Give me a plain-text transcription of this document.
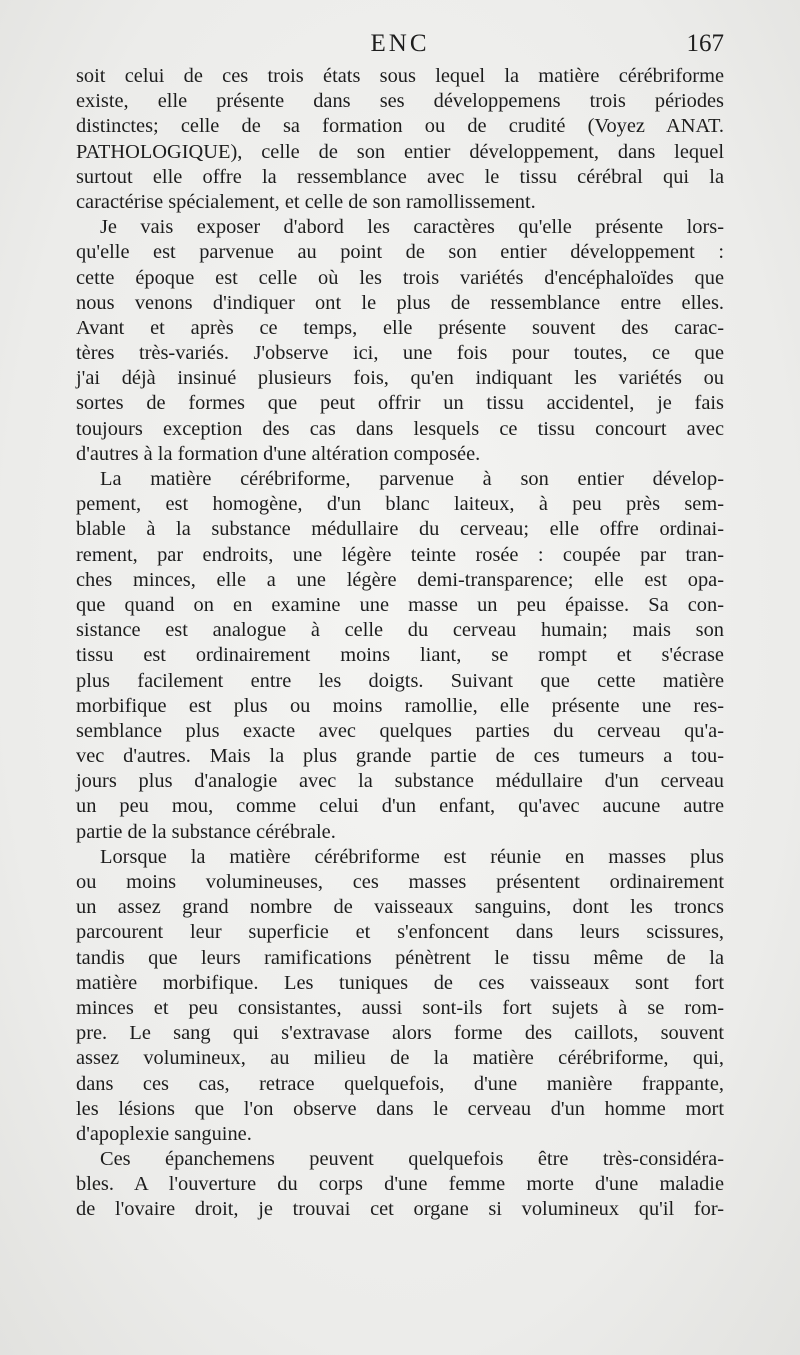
ENC	167
soit celui de ces trois états sous lequel la matière cérébriforme
existe, elle présente dans ses développemens trois périodes
distinctes; celle de sa formation ou de crudité (Voyez ANAT.
PATHOLOGIQUE), celle de son entier développement, dans lequel
surtout elle offre la ressemblance avec le tissu cérébral qui la
caractérise spécialement, et celle de son ramollissement.
Je vais exposer d'abord les caractères qu'elle présente lors-
qu'elle est parvenue au point de son entier développement :
cette époque est celle où les trois variétés d'encéphaloïdes que
nous venons d'indiquer ont le plus de ressemblance entre elles.
Avant et après ce temps, elle présente souvent des carac-
tères très-variés. J'observe ici, une fois pour toutes, ce que
j'ai déjà insinué plusieurs fois, qu'en indiquant les variétés ou
sortes de formes que peut offrir un tissu accidentel, je fais
toujours exception des cas dans lesquels ce tissu concourt avec
d'autres à la formation d'une altération composée.
La matière cérébriforme, parvenue à son entier dévelop-
pement, est homogène, d'un blanc laiteux, à peu près sem-
blable à la substance médullaire du cerveau; elle offre ordinai-
rement, par endroits, une légère teinte rosée : coupée par tran-
ches minces, elle a une légère demi-transparence; elle est opa-
que quand on en examine une masse un peu épaisse. Sa con-
sistance est analogue à celle du cerveau humain; mais son
tissu est ordinairement moins liant, se rompt et s'écrase
plus facilement entre les doigts. Suivant que cette matière
morbifique est plus ou moins ramollie, elle présente une res-
semblance plus exacte avec quelques parties du cerveau qu'a-
vec d'autres. Mais la plus grande partie de ces tumeurs a tou-
jours plus d'analogie avec la substance médullaire d'un cerveau
un peu mou, comme celui d'un enfant, qu'avec aucune autre
partie de la substance cérébrale.
Lorsque la matière cérébriforme est réunie en masses plus
ou moins volumineuses, ces masses présentent ordinairement
un assez grand nombre de vaisseaux sanguins, dont les troncs
parcourent leur superficie et s'enfoncent dans leurs scissures,
tandis que leurs ramifications pénètrent le tissu même de la
matière morbifique. Les tuniques de ces vaisseaux sont fort
minces et peu consistantes, aussi sont-ils fort sujets à se rom-
pre. Le sang qui s'extravase alors forme des caillots, souvent
assez volumineux, au milieu de la matière cérébriforme, qui,
dans ces cas, retrace quelquefois, d'une manière frappante,
les lésions que l'on observe dans le cerveau d'un homme mort
d'apoplexie sanguine.
Ces épanchemens peuvent quelquefois être très-considéra-
bles. A l'ouverture du corps d'une femme morte d'une maladie
de l'ovaire droit, je trouvai cet organe si volumineux qu'il for-
